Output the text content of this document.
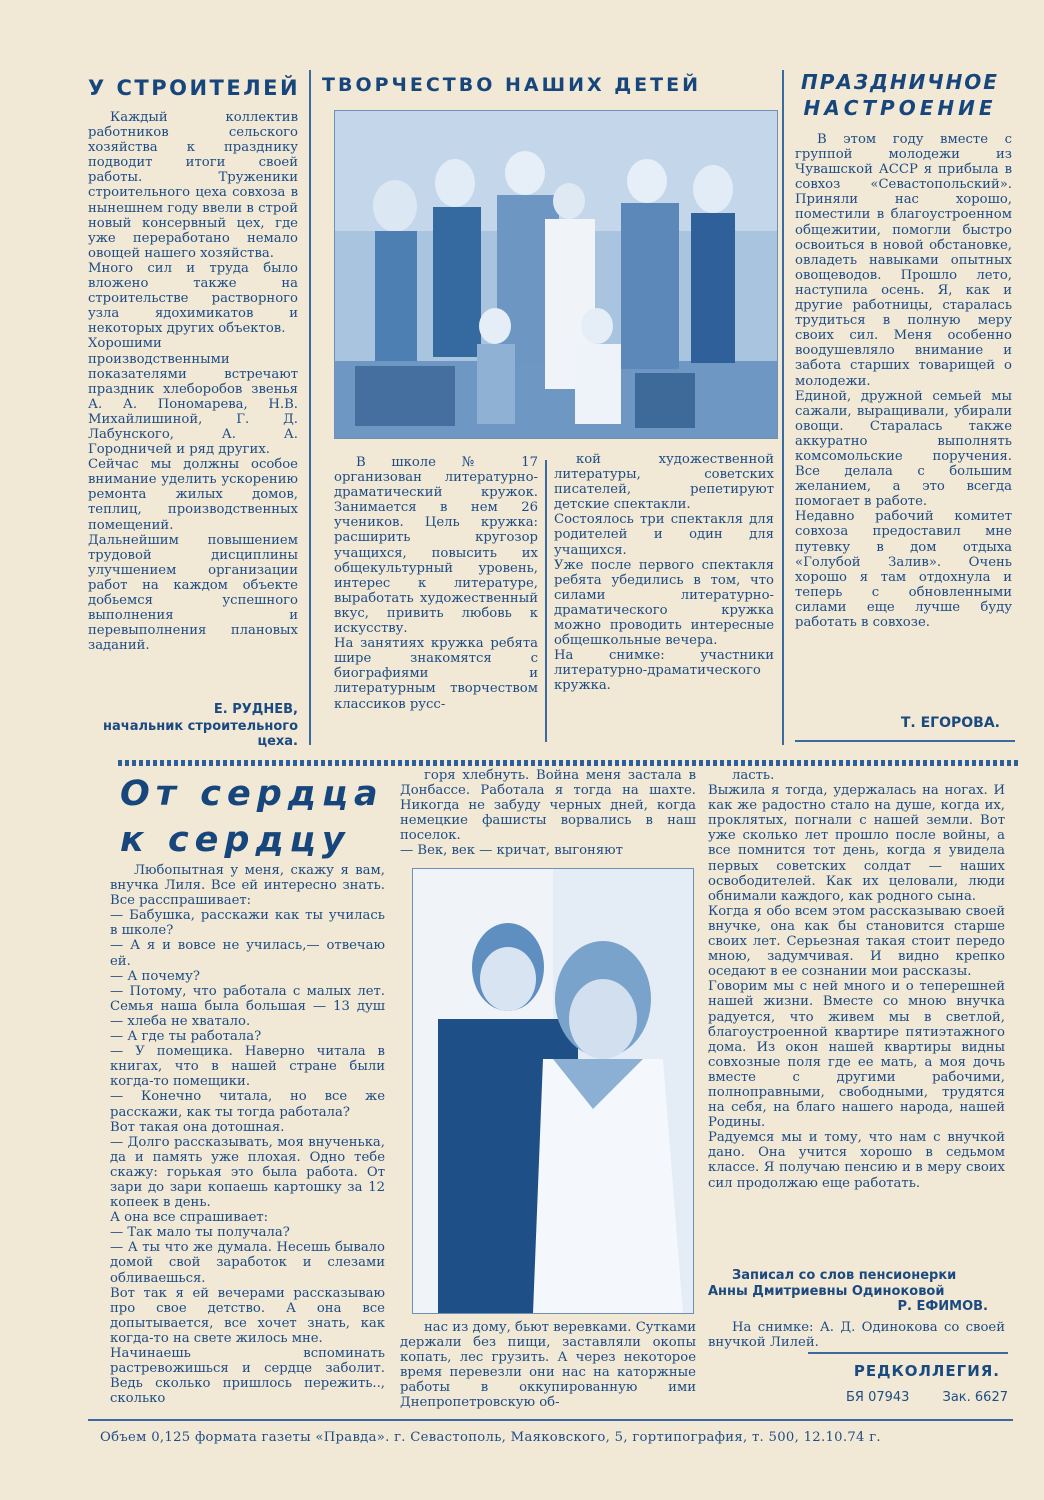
У СТРОИТЕЛЕЙ

Каждый коллектив работников сельского хозяйства к празднику подводит итоги своей работы. Труженики строительного цеха совхоза в нынешнем году ввели в строй новый консервный цех, где уже переработано немало овощей нашего хозяйства.
Много сил и труда было вложено также на строительстве растворного узла ядохимикатов и некоторых других объектов.
Хорошими производственными показателями встречают праздник хлеборобов звенья А. А. Пономарева, Н.В. Михайлишиной, Г. Д. Лабунского, А. А. Городничей и ряд других.
Сейчас мы должны особое внимание уделить ускорению ремонта жилых домов, теплиц, производственных помещений.
Дальнейшим повышением трудовой дисциплины улучшением организации работ на каждом объекте добьемся успешного выполнения и перевыполнения плановых заданий.

Е. РУДНЕВ,
начальник строительного цеха.
ТВОРЧЕСТВО НАШИХ ДЕТЕЙ

В школе № 17 организован литературно-драматический кружок. Занимается в нем 26 учеников. Цель кружка: расширить кругозор учащихся, повысить их общекультурный уровень, интерес к литературе, выработать художественный вкус, привить любовь к искусству.
На занятиях кружка ребята шире знакомятся с биографиями и литературным творчеством классиков русс-

кой художественной литературы, советских писателей, репетируют детские спектакли.
Состоялось три спектакля для родителей и один для учащихся.
Уже после первого спектакля ребята убедились в том, что силами литературно-драматического кружка можно проводить интересные общешкольные вечера.
На снимке: участники литературно-драматического кружка.

ПРАЗДНИЧНОЕ
НАСТРОЕНИЕ

В этом году вместе с группой молодежи из Чувашской АССР я прибыла в совхоз «Севастопольский». Приняли нас хорошо, поместили в благоустроенном общежитии, помогли быстро освоиться в новой обстановке, овладеть навыками опытных овощеводов. Прошло лето, наступила осень. Я, как и другие работницы, старалась трудиться в полную меру своих сил. Меня особенно воодушевляло внимание и забота старших товарищей о молодежи.
Единой, дружной семьей мы сажали, выращивали, убирали овощи. Старалась также аккуратно выполнять комсомольские поручения. Все делала с большим желанием, а это всегда помогает в работе.
Недавно рабочий комитет совхоза предоставил мне путевку в дом отдыха «Голубой Залив». Очень хорошо я там отдохнула и теперь с обновленными силами еще лучше буду работать в совхозе.

Т. ЕГОРОВА.
От сердца
к сердцу

Любопытная у меня, скажу я вам, внучка Лиля. Все ей интересно знать. Все расспрашивает:
— Бабушка, расскажи как ты училась в школе?
— А я и вовсе не училась,— отвечаю ей.
— А почему?
— Потому, что работала с малых лет. Семья наша была большая — 13 душ — хлеба не хватало.
— А где ты работала?
— У помещика. Наверно читала в книгах, что в нашей стране были когда-то помещики.
— Конечно читала, но все же расскажи, как ты тогда работала?
Вот такая она дотошная.
— Долго рассказывать, моя внученька, да и память уже плохая. Одно тебе скажу: горькая это была работа. От зари до зари копаешь картошку за 12 копеек в день.
А она все спрашивает:
— Так мало ты получала?
— А ты что же думала. Несешь бывало домой свой заработок и слезами обливаешься.
Вот так я ей вечерами рассказываю про свое детство. А она все допытывается, все хочет знать, как когда-то на свете жилось мне.
Начинаешь вспоминать растревожишься и сердце заболит. Ведь сколько пришлось пережить.., сколько

горя хлебнуть. Война меня застала в Донбассе. Работала я тогда на шахте. Никогда не забуду черных дней, когда немецкие фашисты ворвались в наш поселок.
— Век, век — кричат, выгоняют

нас из дому, бьют веревками. Сутками держали без пищи, заставляли окопы копать, лес грузить. А через некоторое время перевезли они нас на каторжные работы в оккупированную ими Днепропетровскую об-

ласть.
Выжила я тогда, удержалась на ногах. И как же радостно стало на душе, когда их, проклятых, погнали с нашей земли. Вот уже сколько лет прошло после войны, а все помнится тот день, когда я увидела первых советских солдат — наших освободителей. Как их целовали, люди обнимали каждого, как родного сына.
Когда я обо всем этом рассказываю своей внучке, она как бы становится старше своих лет. Серьезная такая стоит передо мною, задумчивая. И видно крепко оседают в ее сознании мои рассказы.
Говорим мы с ней много и о теперешней нашей жизни. Вместе со мною внучка радуется, что живем мы в светлой, благоустроенной квартире пятиэтажного дома. Из окон нашей квартиры видны совхозные поля где ее мать, а моя дочь вместе с другими рабочими, полноправными, свободными, трудятся на себя, на благо нашего народа, нашей Родины.
Радуемся мы и тому, что нам с внучкой дано. Она учится хорошо в седьмом классе. Я получаю пенсию и в меру своих сил продолжаю еще работать.

Записал со слов пенсионерки
Анны Дмитриевны Одиноковой
Р. ЕФИМОВ.

На снимке: А. Д. Одинокова со своей внучкой Лилей.

РЕДКОЛЛЕГИЯ.
БЯ 07943        Зак. 6627
Объем 0,125 формата газеты «Правда». г. Севастополь, Маяковского, 5, гортипография, т. 500, 12.10.74 г.
